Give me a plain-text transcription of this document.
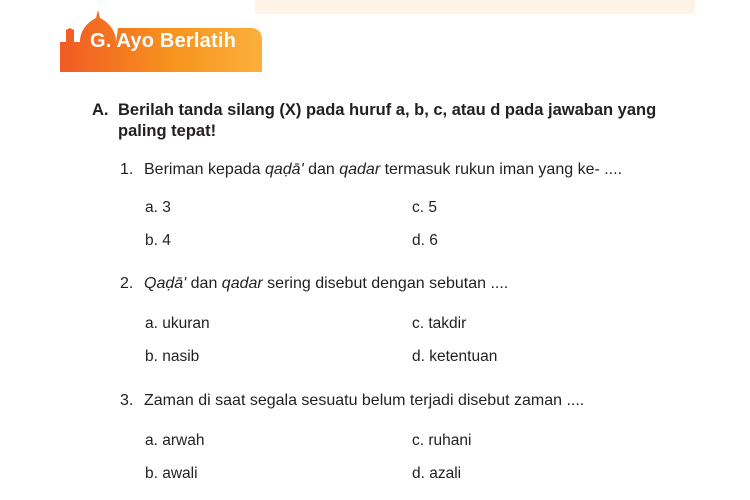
G. Ayo Berlatih
A. Berilah tanda silang (X) pada huruf a, b, c, atau d pada jawaban yang paling tepat!
1. Beriman kepada qaḍā' dan qadar termasuk rukun iman yang ke- ....
a. 3	c. 5
b. 4	d. 6
2. Qaḍā' dan qadar sering disebut dengan sebutan ....
a. ukuran	c. takdir
b. nasib	d. ketentuan
3. Zaman di saat segala sesuatu belum terjadi disebut zaman ....
a. arwah	c. ruhani
b. awali	d. azali
